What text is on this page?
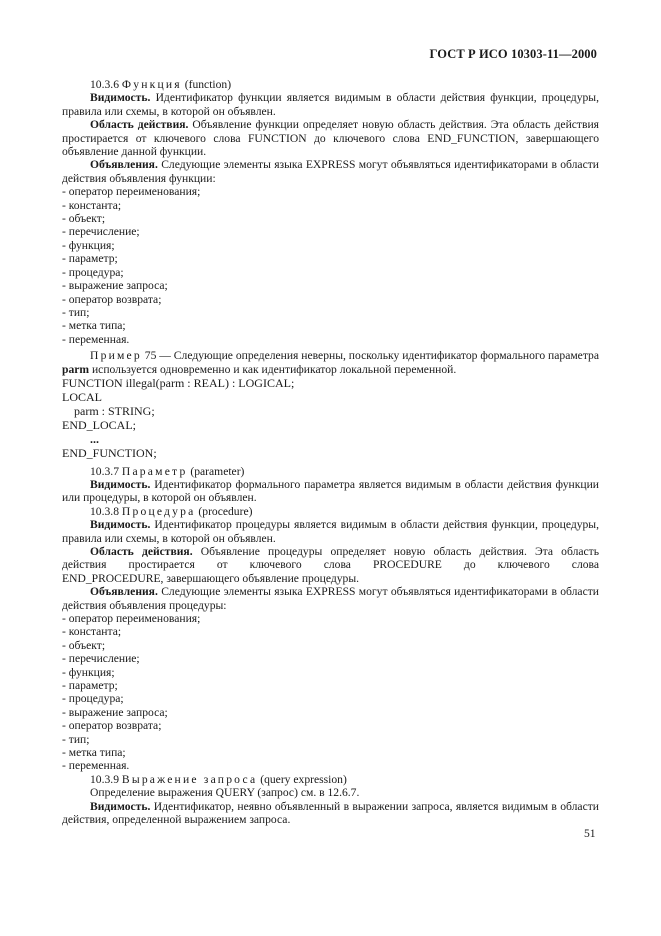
ГОСТ Р ИСО 10303-11—2000

10.3.6 Функция (function)

Видимость. Идентификатор функции является видимым в области действия функции, процедуры, правила или схемы, в которой он объявлен.

Область действия. Объявление функции определяет новую область действия. Эта область действия простирается от ключевого слова FUNCTION до ключевого слова END_FUNCTION, завершающего объявление данной функции.

Объявления. Следующие элементы языка EXPRESS могут объявляться идентификаторами в области действия объявления функции:

- оператор переименования;
- константа;
- объект;
- перечисление;
- функция;
- параметр;
- процедура;
- выражение запроса;
- оператор возврата;
- тип;
- метка типа;
- переменная.

Пример 75 — Следующие определения неверны, поскольку идентификатор формального параметра parm используется одновременно и как идентификатор локальной переменной.

FUNCTION illegal(parm : REAL) : LOGICAL;
LOCAL
parm : STRING;
END_LOCAL;
...
END_FUNCTION;

10.3.7 Параметр (parameter)

Видимость. Идентификатор формального параметра является видимым в области действия функции или процедуры, в которой он объявлен.

10.3.8 Процедура (procedure)

Видимость. Идентификатор процедуры является видимым в области действия функции, процедуры, правила или схемы, в которой он объявлен.

Область действия. Объявление процедуры определяет новую область действия. Эта область

действия простирается от ключевого слова PROCEDURE до ключевого слова

END_PROCEDURE, завершающего объявление процедуры.

Объявления. Следующие элементы языка EXPRESS могут объявляться идентификаторами в области действия объявления процедуры:

- оператор переименования;
- константа;
- объект;
- перечисление;
- функция;
- параметр;
- процедура;
- выражение запроса;
- оператор возврата;
- тип;
- метка типа;
- переменная.

10.3.9 Выражение запроса (query expression)

Определение выражения QUERY (запрос) см. в 12.6.7.

Видимость. Идентификатор, неявно объявленный в выражении запроса, является видимым в области действия, определенной выражением запроса.

51
